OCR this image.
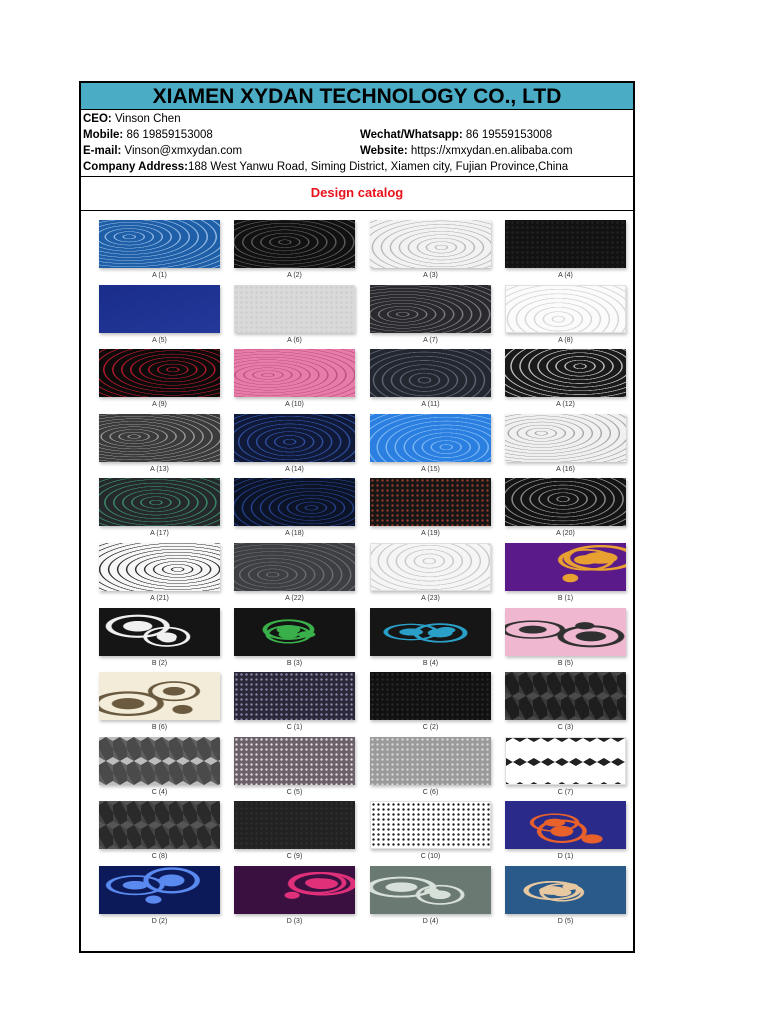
XIAMEN XYDAN TECHNOLOGY CO., LTD
CEO: Vinson Chen
Mobile: 86 19859153008	Wechat/Whatsapp: 86 19559153008
E-mail: Vinson@xmxydan.com	Website: https://xmxydan.en.alibaba.com
Company Address:188 West Yanwu Road, Siming District, Xiamen city, Fujian Province,China
Design catalog
A (1)	A (2)	A (3)	A (4)
A (5)	A (6)	A (7)	A (8)
A (9)	A (10)	A (11)	A (12)
A (13)	A (14)	A (15)	A (16)
A (17)	A (18)	A (19)	A (20)
A (21)	A (22)	A (23)	B (1)
B (2)	B (3)	B (4)	B (5)
B (6)	C (1)	C (2)	C (3)
C (4)	C (5)	C (6)	C (7)
C (8)	C (9)	C (10)	D (1)
D (2)	D (3)	D (4)	D (5)
